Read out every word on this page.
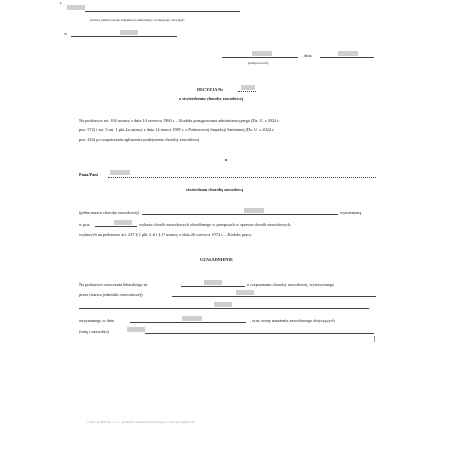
L
(nazwa państwowego inspektora sanitarnego wydającego decyzję)*
w
, dnia
(miejscowość)
DECYZJA Nr
o stwierdzeniu choroby zawodowej
Na podstawie art. 104 ustawy z dnia 14 czerwca 1960 r. – Kodeks postępowania administracyjnego (Dz. U. z 2024 r.
poz. 572) i art. 5 ust. 1 pkt 4a ustawy z dnia 14 marca 1985 r. o Państwowej Inspekcji Sanitarnej (Dz. U. z 2024 r.
poz. 416) po rozpatrzeniu zgłoszenia podejrzenia choroby zawodowej
u
Pana/Pani
stwierdzam chorobę zawodową
(pełna nazwa choroby zawodowej)	wymienioną
w poz.	wykazu chorób zawodowych określonego w przepisach w sprawie chorób zawodowych,
wydanych na podstawie art. 237 § 1 pkt 3–6 i § 1¹ ustawy z dnia 26 czerwca 1974 r. – Kodeks pracy.
UZASADNIENIE
Na podstawie orzeczenia lekarskiego nr	o rozpoznaniu choroby zawodowej, wystawionego
przez (nazwa jednostki orzeczniczej)
,
otrzymanego w dniu	, oraz oceny narażenia zawodowego dotyczących
(imię i nazwisko)
© Infor.pl 2024 Sp. z o.o., producent aktywnych formularzy, e-mail: biuro@infor.pl
